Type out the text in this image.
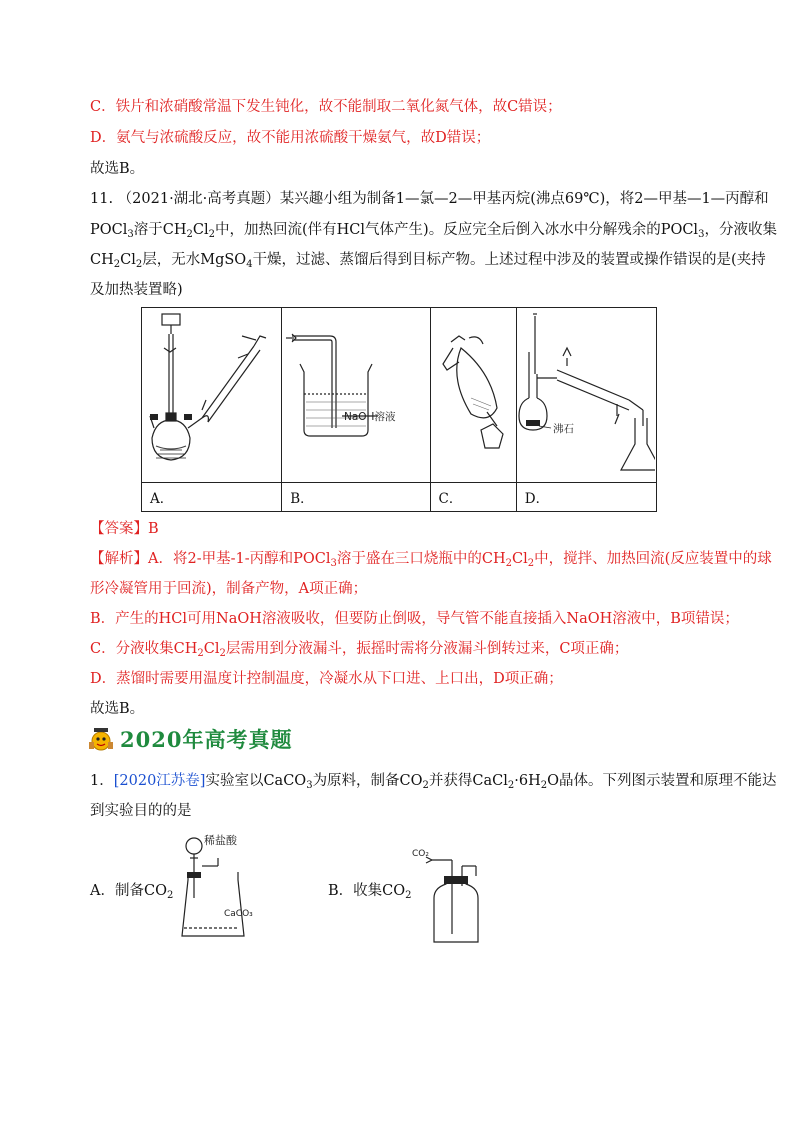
C．铁片和浓硝酸常温下发生钝化，故不能制取二氧化氮气体，故C错误；
D．氨气与浓硫酸反应，故不能用浓硫酸干燥氨气，故D错误；
故选B。
11. （2021·湖北·高考真题）某兴趣小组为制备1—氯—2—甲基丙烷(沸点69℃)，将2—甲基—1—丙醇和
POCl$_3$溶于$CH_2Cl_2$中，加热回流(伴有HCl气体产生)。反应完全后倒入冰水中分解残余的POCl$_3$，分液收集
$CH_2Cl_2$层，无水MgSO$_4$干燥，过滤、蒸馏后得到目标产物。上述过程中涉及的装置或操作错误的是(夹持
及加热装置略)

NaOH溶液		沸石

A．	B．	C．	D．
【答案】B
【解析】A．将2-甲基-1-丙醇和POCl$_3$溶于盛在三口烧瓶中的$CH_2Cl_2$中，搅拌、加热回流(反应装置中的球
形冷凝管用于回流)，制备产物，A项正确；
B．产生的HCl可用NaOH溶液吸收，但要防止倒吸，导气管不能直接插入NaOH溶液中，B项错误；
C．分液收集$CH_2Cl_2$层需用到分液漏斗，振摇时需将分液漏斗倒转过来，C项正确；
D．蒸馏时需要用温度计控制温度，冷凝水从下口进、上口出，D项正确；
故选B。
2020年高考真题
1．[2020江苏卷]实验室以CaCO$_3$为原料，制备$CO_2$并获得$CaCl_2\cdot 6H_2O$晶体。下列图示装置和原理不能达
到实验目的的是
A．制备$CO_2$
稀盐酸
CaCO₃
B．收集$CO_2$
CO₂
